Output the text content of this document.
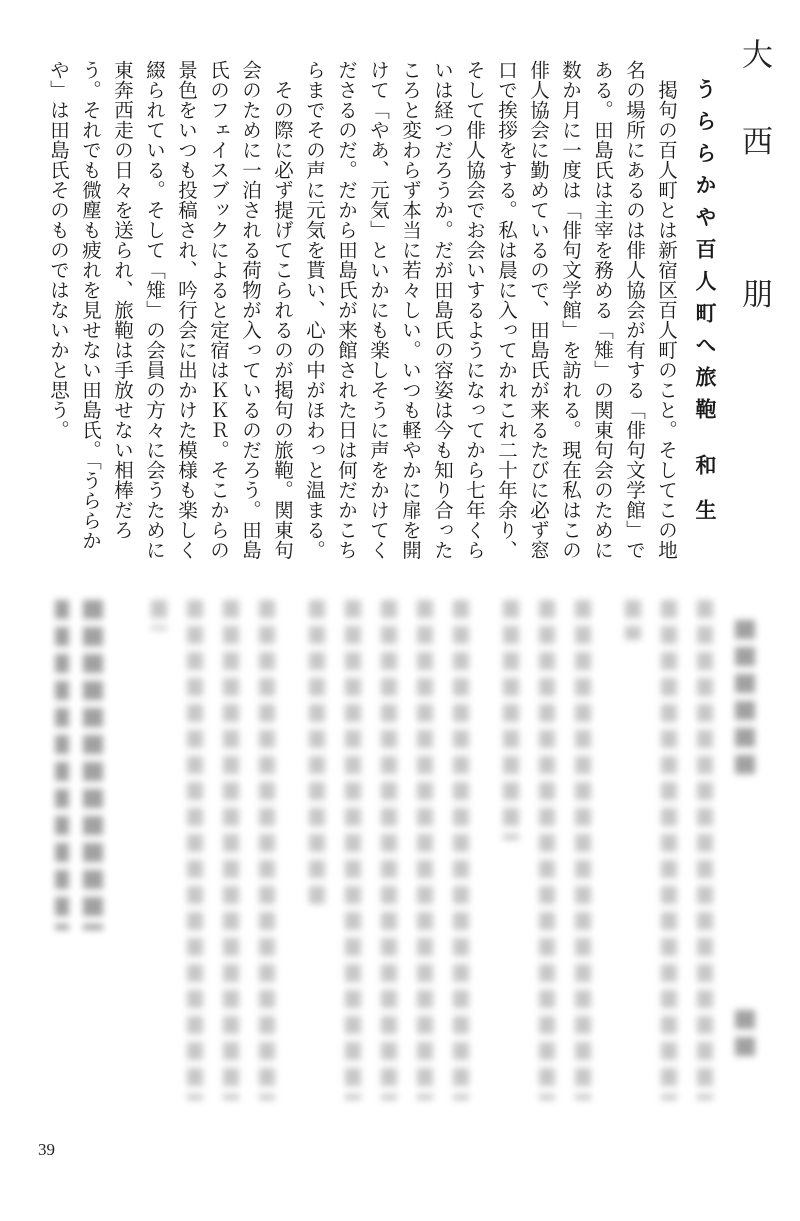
大西 朋
うららかや百人町へ旅鞄和生

掲句の百人町とは新宿区百人町のこと。そしてこの地名の場所にあるのは俳人協会が有する「俳句文学館」である。田島氏は主宰を務める「雉」の関東句会のために数か月に一度は「俳句文学館」を訪れる。現在私はこの俳人協会に勤めているので、田島氏が来るたびに必ず窓口で挨拶をする。私は晨に入ってかれこれ二十年余り、そして俳人協会でお会いするようになってから七年くらいは経つだろうか。だが田島氏の容姿は今も知り合ったころと変わらず本当に若々しい。いつも軽やかに扉を開けて「やあ、元気」といかにも楽しそうに声をかけてくださるのだ。だから田島氏が来館された日は何だかこちらまでその声に元気を貰い、心の中がほわっと温まる。

その際に必ず提げてこられるのが掲句の旅鞄。関東句会のために一泊される荷物が入っているのだろう。田島氏のフェイスブックによると定宿はＫＫＲ。そこからの景色をいつも投稿され、吟行会に出かけた模様も楽しく綴られている。そして「雉」の会員の方々に会うために東奔西走の日々を送られ、旅鞄は手放せない相棒だろう。それでも微塵も疲れを見せない田島氏。「うららかや」は田島氏そのものではないかと思う。

39
